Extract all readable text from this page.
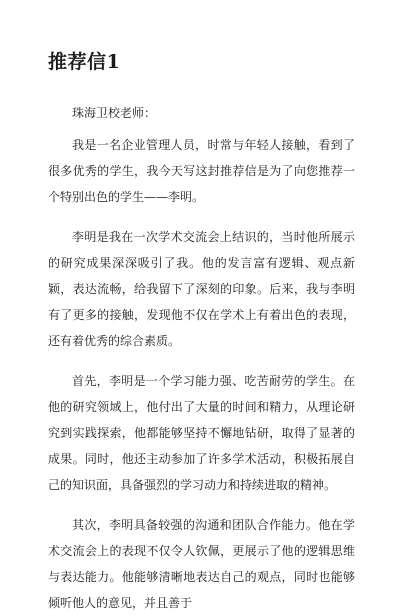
推荐信1
珠海卫校老师：

我是一名企业管理人员，时常与年轻人接触，看到了很多优秀的学生，我今天写这封推荐信是为了向您推荐一个特别出色的学生——李明。

李明是我在一次学术交流会上结识的，当时他所展示的研究成果深深吸引了我。他的发言富有逻辑、观点新颖，表达流畅，给我留下了深刻的印象。后来，我与李明有了更多的接触，发现他不仅在学术上有着出色的表现，还有着优秀的综合素质。

首先，李明是一个学习能力强、吃苦耐劳的学生。在他的研究领域上，他付出了大量的时间和精力，从理论研究到实践探索，他都能够坚持不懈地钻研，取得了显著的成果。同时，他还主动参加了许多学术活动，积极拓展自己的知识面，具备强烈的学习动力和持续进取的精神。

其次，李明具备较强的沟通和团队合作能力。他在学术交流会上的表现不仅令人钦佩，更展示了他的逻辑思维与表达能力。他能够清晰地表达自己的观点，同时也能够倾听他人的意见，并且善于
